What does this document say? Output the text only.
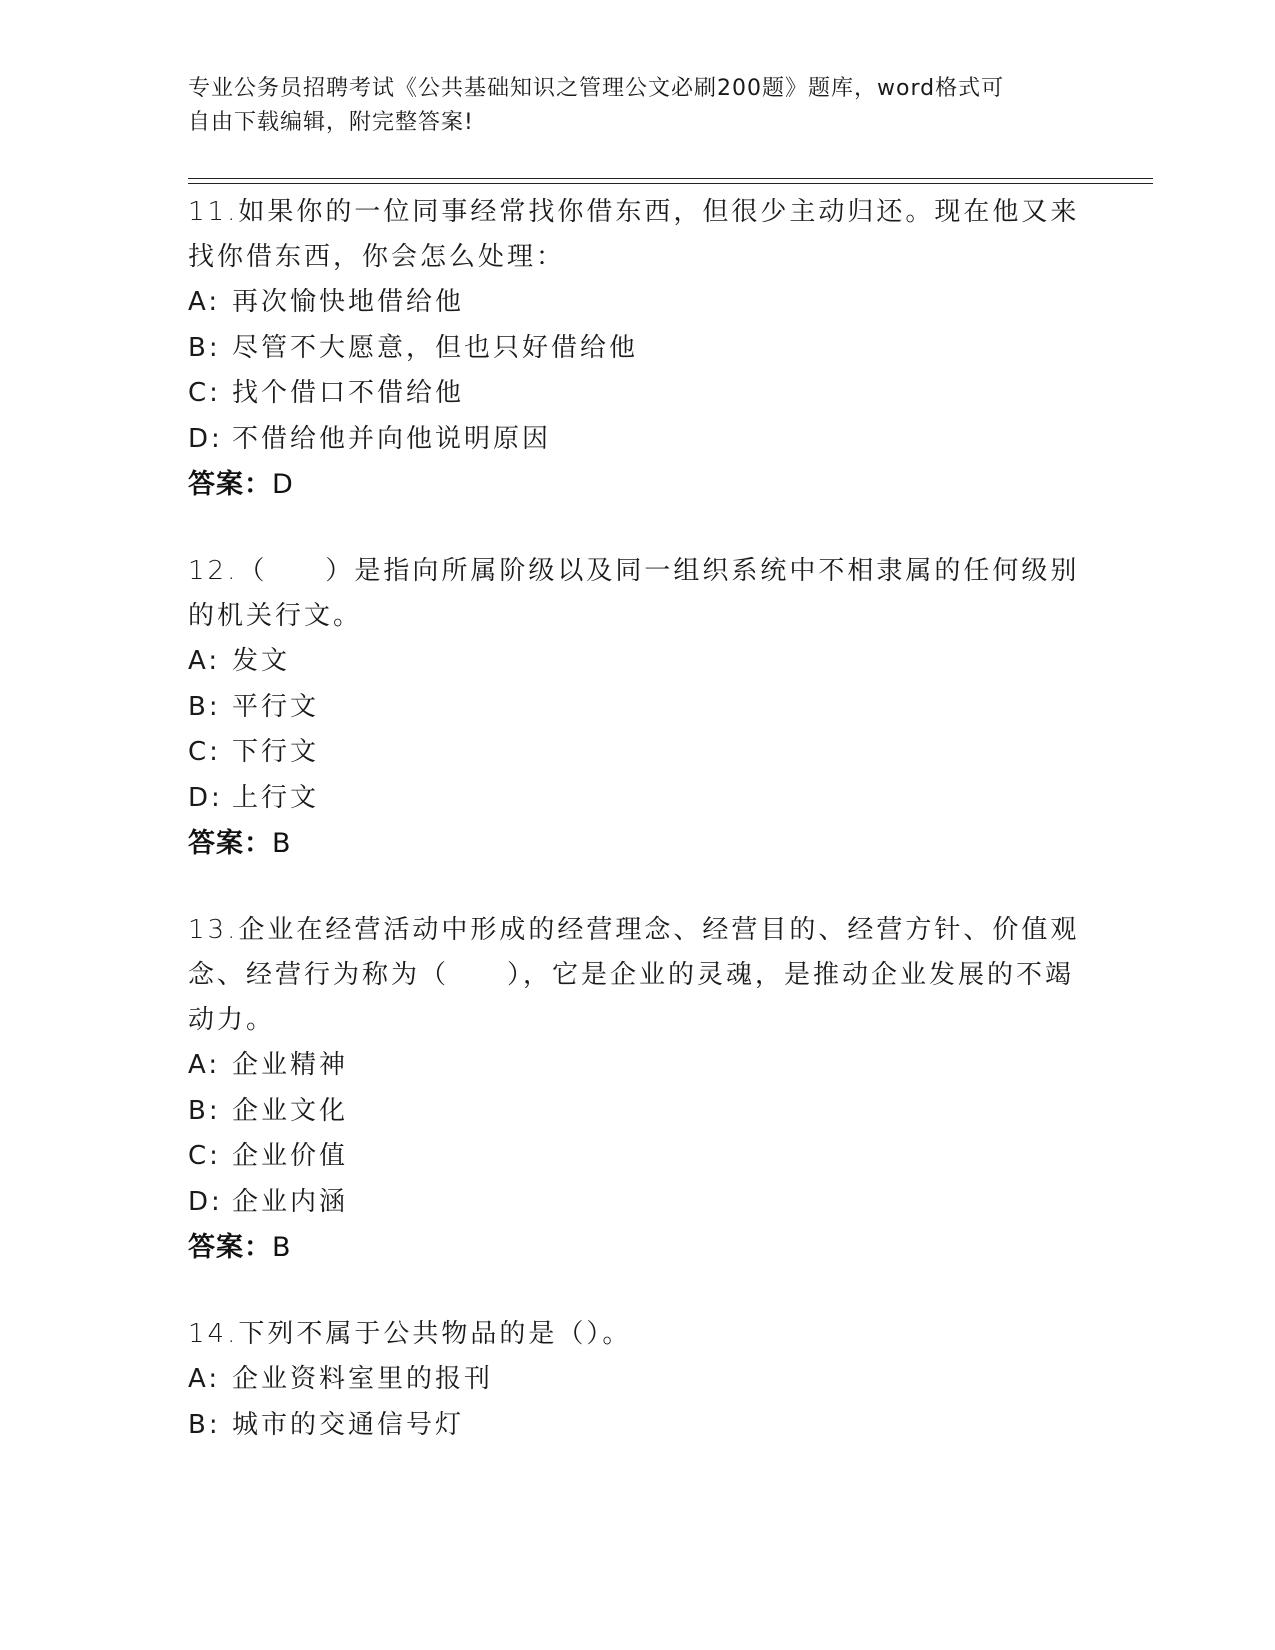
专业公务员招聘考试《公共基础知识之管理公文必刷200题》题库，word格式可
自由下载编辑，附完整答案!
11.如果你的一位同事经常找你借东西，但很少主动归还。现在他又来找你借东西，你会怎么处理：
A: 再次愉快地借给他
B: 尽管不大愿意，但也只好借给他
C: 找个借口不借给他
D: 不借给他并向他说明原因
答案：D
12.（　　）是指向所属阶级以及同一组织系统中不相隶属的任何级别的机关行文。
A: 发文
B: 平行文
C: 下行文
D: 上行文
答案：B
13.企业在经营活动中形成的经营理念、经营目的、经营方针、价值观念、经营行为称为（　　），它是企业的灵魂，是推动企业发展的不竭动力。
A: 企业精神
B: 企业文化
C: 企业价值
D: 企业内涵
答案：B
14.下列不属于公共物品的是（）。
A: 企业资料室里的报刊
B: 城市的交通信号灯
